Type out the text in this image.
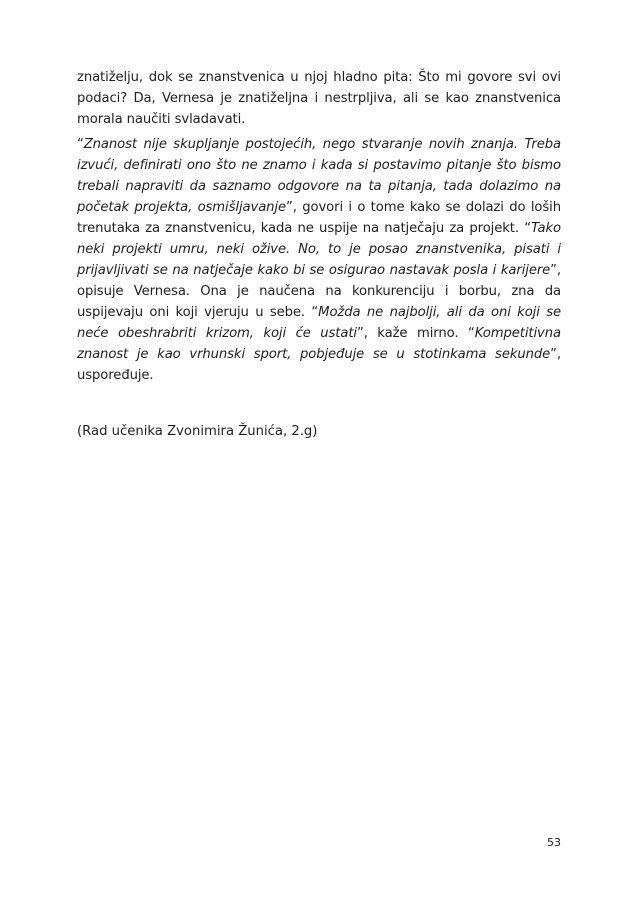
znatiželju, dok se znanstvenica u njoj hladno pita: Što mi govore svi ovi podaci? Da, Vernesa je znatiželjna i nestrpljiva, ali se kao znanstvenica morala naučiti svladavati.

“Znanost nije skupljanje postojećih, nego stvaranje novih znanja. Treba izvući, definirati ono što ne znamo i kada si postavimo pitanje što bismo trebali napraviti da saznamo odgovore na ta pitanja, tada dolazimo na početak projekta, osmišljavanje”, govori i o tome kako se dolazi do loših trenutaka za znanstvenicu, kada ne uspije na natječaju za projekt. “Tako neki projekti umru, neki ožive. No, to je posao znanstvenika, pisati i prijavljivati se na natječaje kako bi se osigurao nastavak posla i karijere”, opisuje Vernesa. Ona je naučena na konkurenciju i borbu, zna da uspijevaju oni koji vjeruju u sebe. “Možda ne najbolji, ali da oni koji se neće obeshrabriti krizom, koji će ustati”, kaže mirno. “Kompetitivna znanost je kao vrhunski sport, pobjeđuje se u stotinkama sekunde”, uspoređuje.

(Rad učenika Zvonimira Žunića, 2.g)

53
